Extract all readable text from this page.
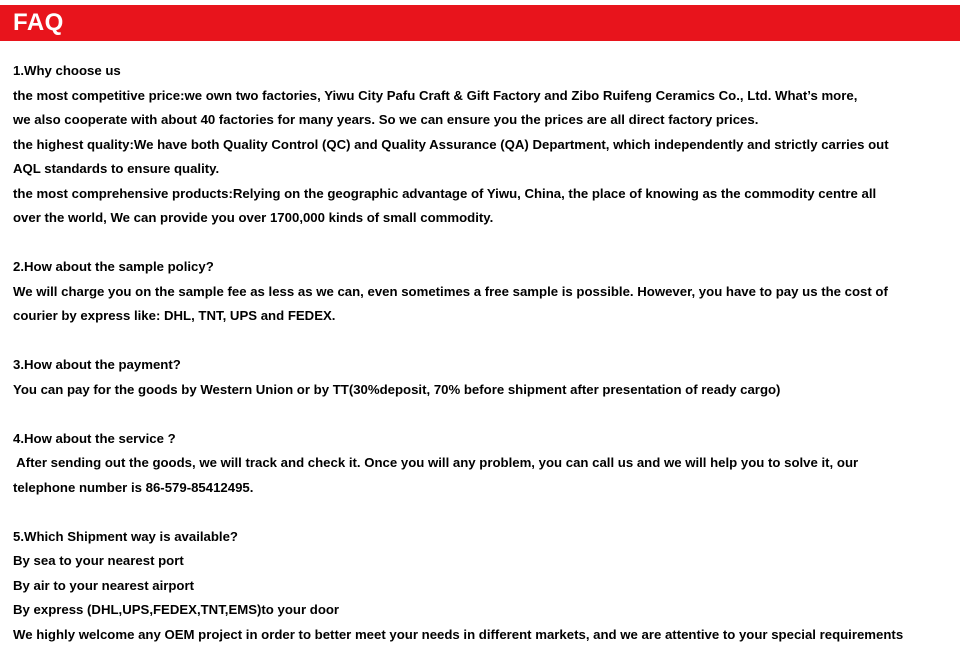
FAQ
1.Why choose us
the most competitive price:we own two factories, Yiwu City Pafu Craft & Gift Factory and Zibo Ruifeng Ceramics Co., Ltd. What’s more,
we also cooperate with about 40 factories for many years. So we can ensure you the prices are all direct factory prices.
the highest quality:We have both Quality Control (QC) and Quality Assurance (QA) Department, which independently and strictly carries out
AQL standards to ensure quality.
the most comprehensive products:Relying on the geographic advantage of Yiwu, China, the place of knowing as the commodity centre all
over the world, We can provide you over 1700,000 kinds of small commodity.
2.How about the sample policy?
We will charge you on the sample fee as less as we can, even sometimes a free sample is possible. However, you have to pay us the cost of
courier by express like: DHL, TNT, UPS and FEDEX.
3.How about the payment?
You can pay for the goods by Western Union or by TT(30%deposit, 70% before shipment after presentation of ready cargo)
4.How about the service ?
After sending out the goods, we will track and check it. Once you will any problem, you can call us and we will help you to solve it, our
telephone number is 86-579-85412495.
5.Which Shipment way is available?
By sea to your nearest port
By air to your nearest airport
By express (DHL,UPS,FEDEX,TNT,EMS)to your door
We highly welcome any OEM project in order to better meet your needs in different markets, and we are attentive to your special requirements
